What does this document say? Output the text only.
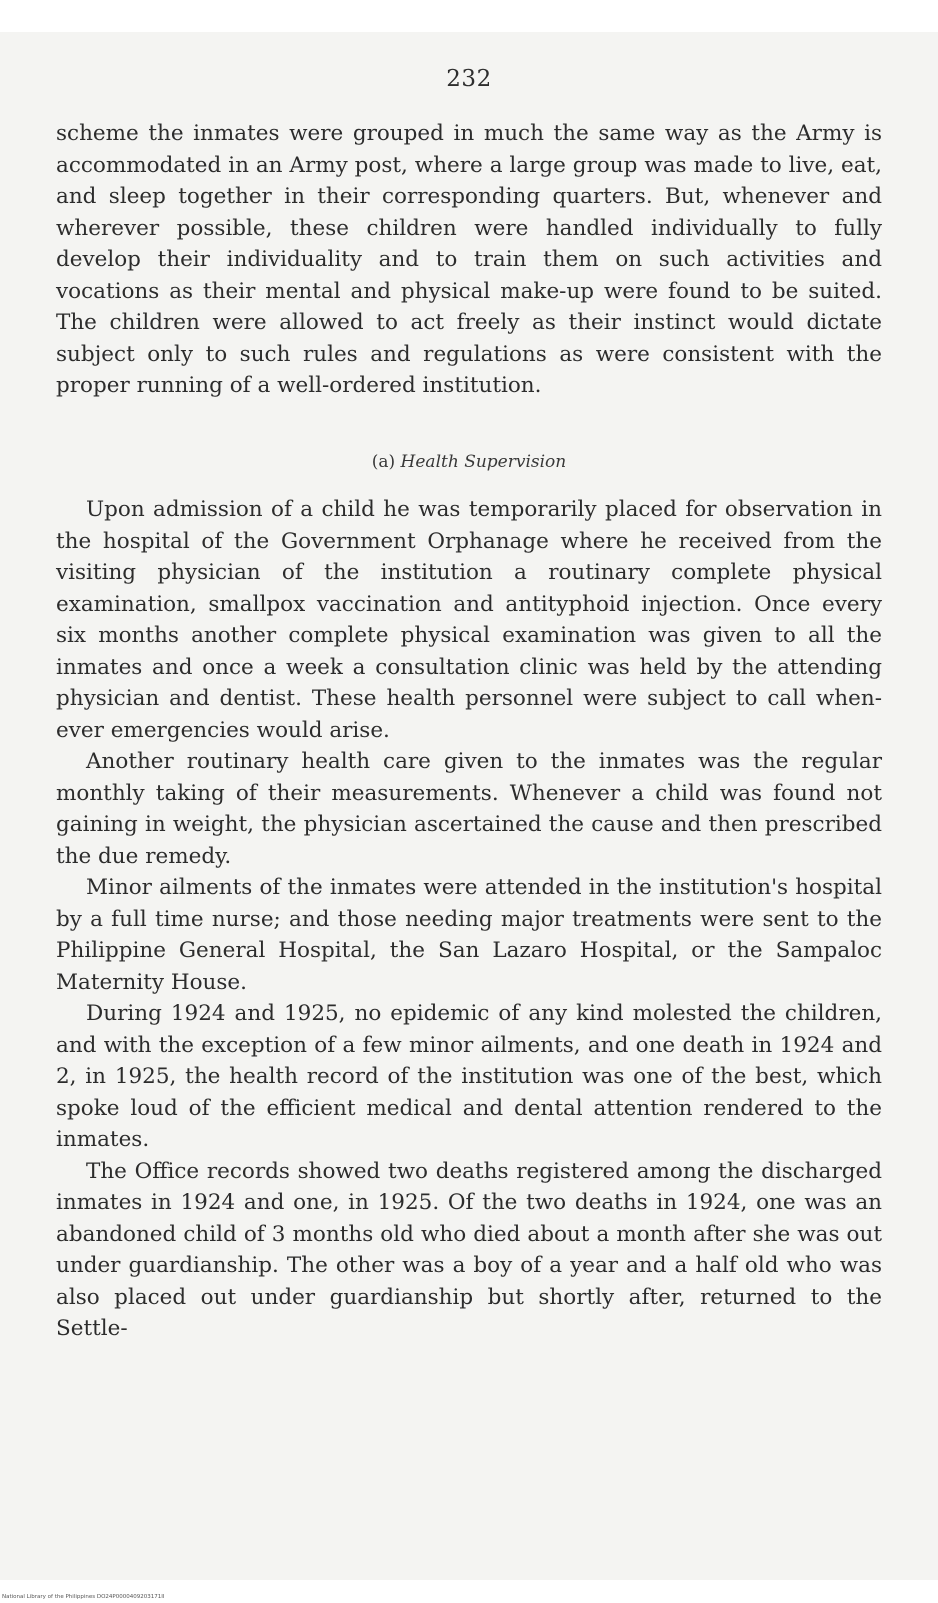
232

scheme the inmates were grouped in much the same way as the Army is accommodated in an Army post, where a large group was made to live, eat, and sleep together in their corresponding quarters. But, whenever and wherever possible, these children were handled individually to fully develop their individuality and to train them on such activities and vocations as their mental and physical make-up were found to be suited. The children were allowed to act freely as their instinct would dictate subject only to such rules and regulations as were consistent with the proper running of a well-ordered institution.

(a) Health Supervision

Upon admission of a child he was temporarily placed for observation in the hospital of the Government Orphanage where he received from the visiting physician of the institution a routinary complete physical examination, smallpox vaccination and antityphoid injection. Once every six months another complete physical examination was given to all the inmates and once a week a consultation clinic was held by the attending physician and dentist. These health personnel were subject to call whenever emergencies would arise.

Another routinary health care given to the inmates was the regular monthly taking of their measurements. Whenever a child was found not gaining in weight, the physician ascertained the cause and then prescribed the due remedy.

Minor ailments of the inmates were attended in the institution's hospital by a full time nurse; and those needing major treatments were sent to the Philippine General Hospital, the San Lazaro Hospital, or the Sampaloc Maternity House.

During 1924 and 1925, no epidemic of any kind molested the children, and with the exception of a few minor ailments, and one death in 1924 and 2, in 1925, the health record of the institution was one of the best, which spoke loud of the efficient medical and dental attention rendered to the inmates.

The Office records showed two deaths registered among the discharged inmates in 1924 and one, in 1925. Of the two deaths in 1924, one was an abandoned child of 3 months old who died about a month after she was out under guardianship. The other was a boy of a year and a half old who was also placed out under guardianship but shortly after, returned to the Settle-

National Library of the Philippines DO24P0000409203171II
